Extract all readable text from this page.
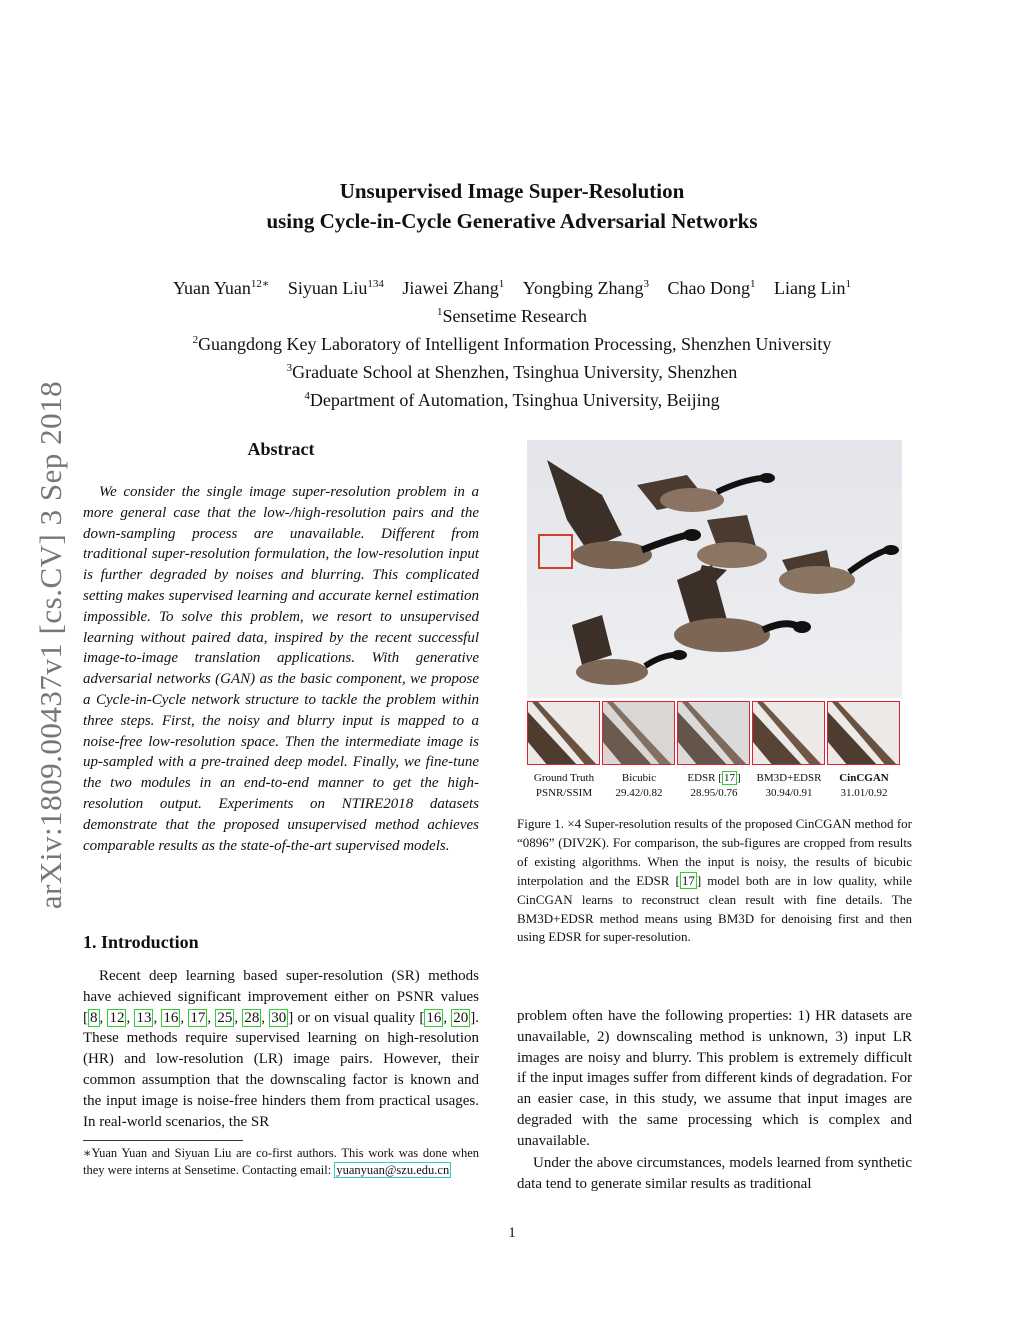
arXiv:1809.00437v1 [cs.CV] 3 Sep 2018
Unsupervised Image Super-Resolution
using Cycle-in-Cycle Generative Adversarial Networks
Yuan Yuan$^{12∗}$ Siyuan Liu$^{134}$ Jiawei Zhang$^1$ Yongbing Zhang$^3$ Chao Dong$^1$ Liang Lin$^1$
$^1$Sensetime Research
$^2$Guangdong Key Laboratory of Intelligent Information Processing, Shenzhen University
$^3$Graduate School at Shenzhen, Tsinghua University, Shenzhen
$^4$Department of Automation, Tsinghua University, Beijing
Abstract
We consider the single image super-resolution problem in a more general case that the low-/high-resolution pairs and the down-sampling process are unavailable. Different from traditional super-resolution formulation, the low-resolution input is further degraded by noises and blurring. This complicated setting makes supervised learning and accurate kernel estimation impossible. To solve this problem, we resort to unsupervised learning without paired data, inspired by the recent successful image-to-image translation applications. With generative adversarial networks (GAN) as the basic component, we propose a Cycle-in-Cycle network structure to tackle the problem within three steps. First, the noisy and blurry input is mapped to a noise-free low-resolution space. Then the intermediate image is up-sampled with a pre-trained deep model. Finally, we fine-tune the two modules in an end-to-end manner to get the high-resolution output. Experiments on NTIRE2018 datasets demonstrate that the proposed unsupervised method achieves comparable results as the state-of-the-art supervised models.
1. Introduction
Recent deep learning based super-resolution (SR) methods have achieved significant improvement either on PSNR values [ 8 , 12 , 13 , 16 , 17 , 25 , 28 , 30 ] or on visual quality [ 16 , 20 ]. These methods require supervised learning on high-resolution (HR) and low-resolution (LR) image pairs. However, their common assumption that the downscaling factor is known and the input image is noise-free hinders them from practical usages. In real-world scenarios, the SR
∗Yuan Yuan and Siyuan Liu are co-first authors. This work was done when they were interns at Sensetime. Contacting email: yuanyuan@szu.edu.cn
Ground Truth
PSNR/SSIM
Bicubic
29.42/0.82
EDSR [ 17 ]
28.95/0.76
BM3D+EDSR
30.94/0.91
CinCGAN
31.01/0.92
Figure 1. ×4 Super-resolution results of the proposed CinCGAN method for “0896” (DIV2K). For comparison, the sub-figures are cropped from results of existing algorithms. When the input is noisy, the results of bicubic interpolation and the EDSR [ 17 ] model both are in low quality, while CinCGAN learns to reconstruct clean result with fine details. The BM3D+EDSR method means using BM3D for denoising first and then using EDSR for super-resolution.
problem often have the following properties: 1) HR datasets are unavailable, 2) downscaling method is unknown, 3) input LR images are noisy and blurry. This problem is extremely difficult if the input images suffer from different kinds of degradation. For an easier case, in this study, we assume that input images are degraded with the same processing which is complex and unavailable.
Under the above circumstances, models learned from synthetic data tend to generate similar results as traditional
1
